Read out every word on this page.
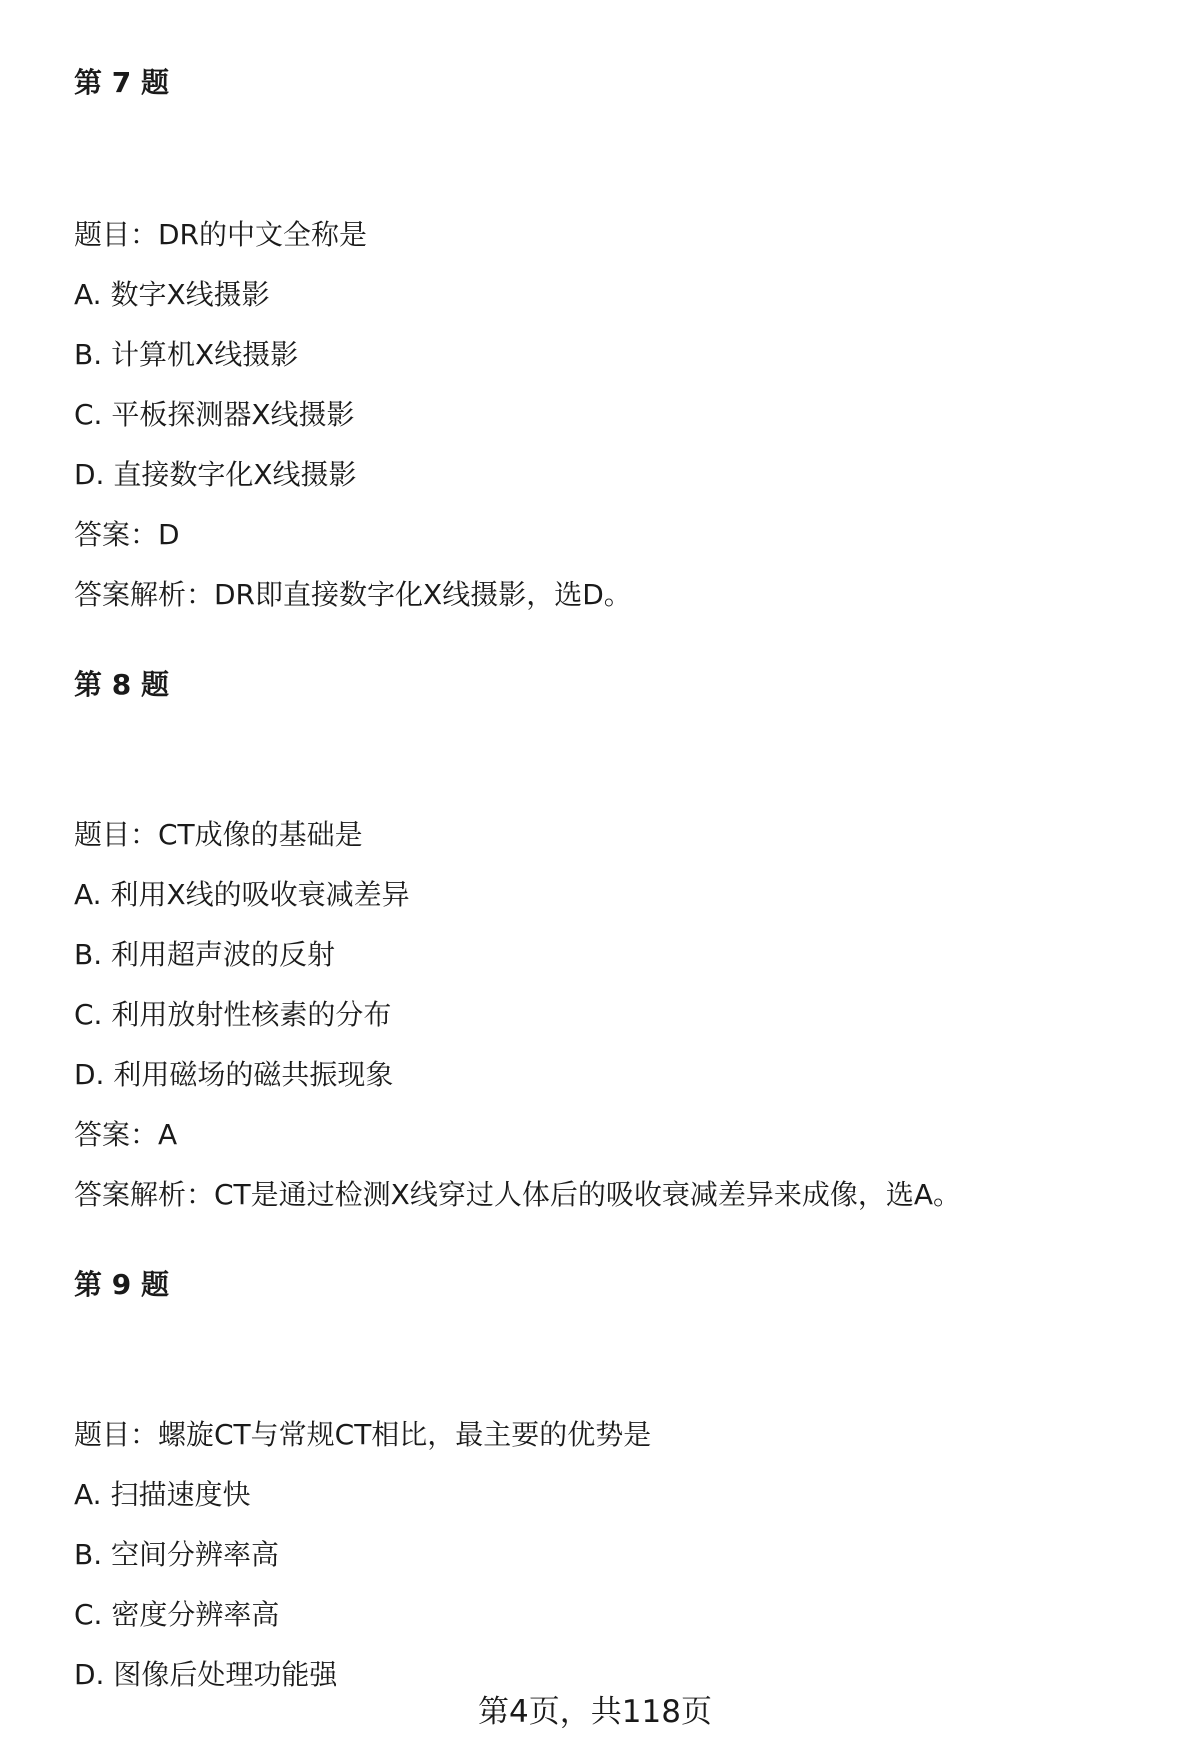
第 7 题
题目：DR的中文全称是
A. 数字X线摄影
B. 计算机X线摄影
C. 平板探测器X线摄影
D. 直接数字化X线摄影
答案：D
答案解析：DR即直接数字化X线摄影，选D。
第 8 题
题目：CT成像的基础是
A. 利用X线的吸收衰减差异
B. 利用超声波的反射
C. 利用放射性核素的分布
D. 利用磁场的磁共振现象
答案：A
答案解析：CT是通过检测X线穿过人体后的吸收衰减差异来成像，选A。
第 9 题
题目：螺旋CT与常规CT相比，最主要的优势是
A. 扫描速度快
B. 空间分辨率高
C. 密度分辨率高
D. 图像后处理功能强
第4页，共118页
